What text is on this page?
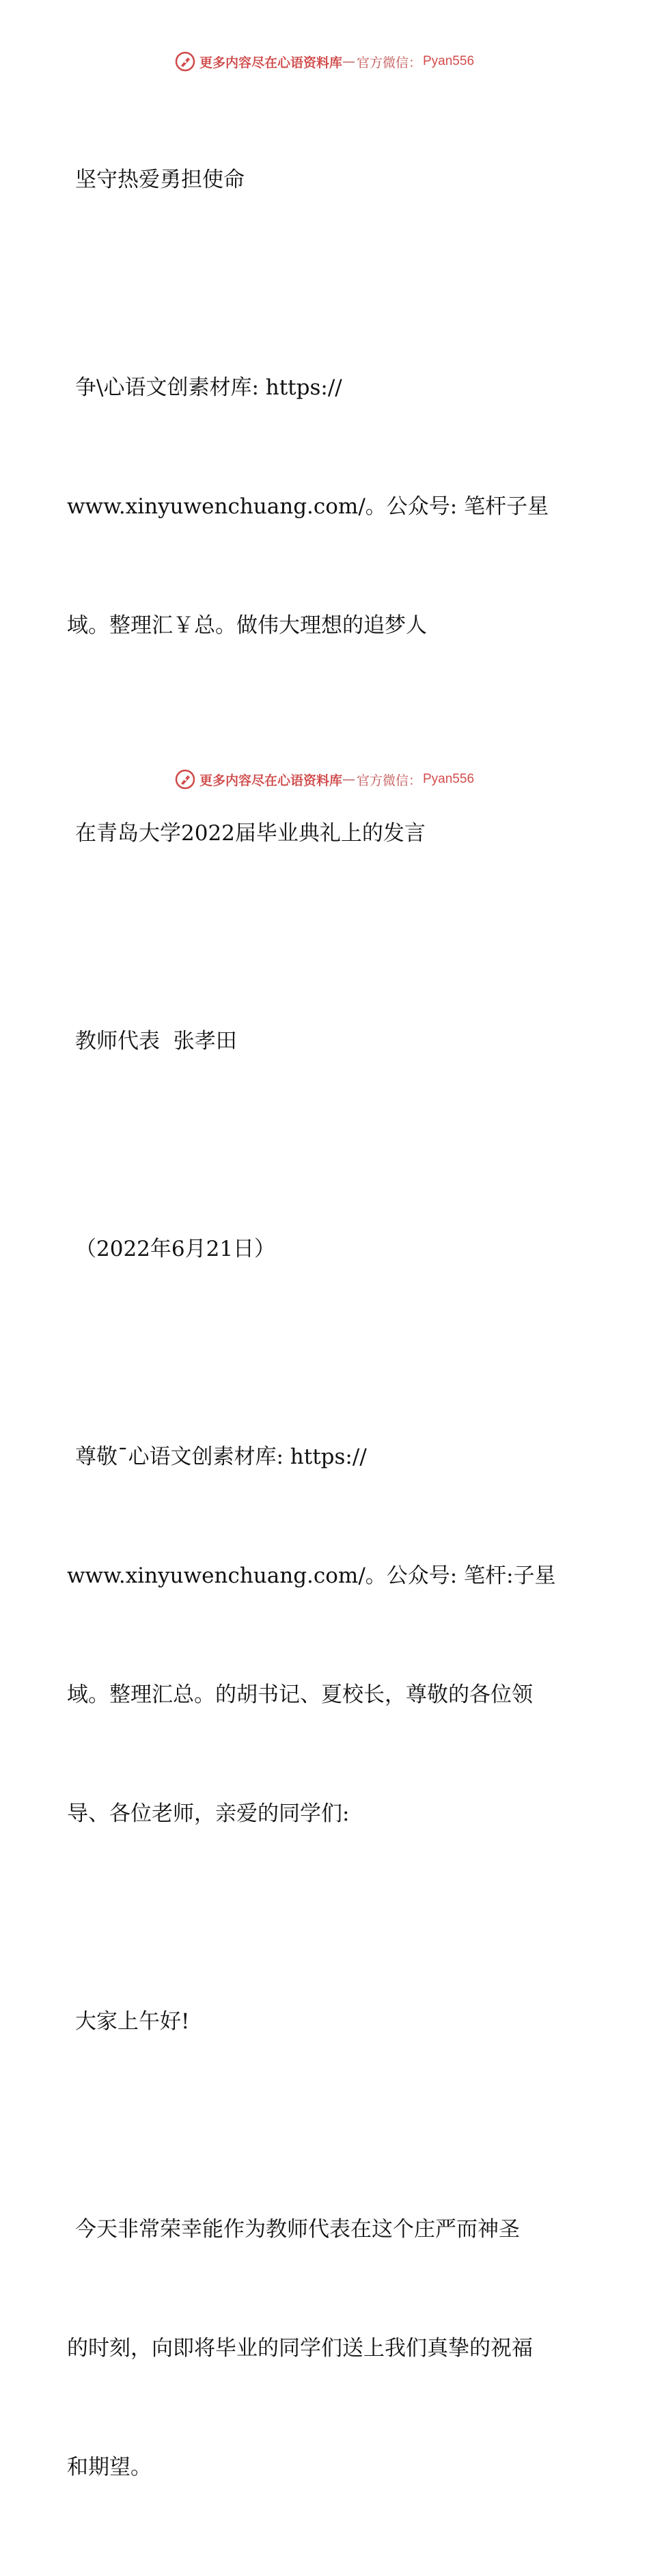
更多内容尽在心语资料库 — 官方微信： Pyan556

坚守热爱勇担使命

争\心语文创素材库: https://

www.xinyuwenchuang.com/。公众号: 笔杆子星

域。整理汇￥总。做伟大理想的追梦人

在青岛大学2022届毕业典礼上的发言

教师代表  张孝田

（2022年6月21日）

尊敬¯心语文创素材库: https://

www.xinyuwenchuang.com/。公众号: 笔杆:子星

域。整理汇总。的胡书记、夏校长，尊敬的各位领

导、各位老师，亲爱的同学们:

大家上午好!

今天非常荣幸能作为教师代表在这个庄严而神圣

的时刻，向即将毕业的同学们送上我们真挚的祝福

和期望。

更多内容尽在心语资料库 — 官方微信： Pyan556
